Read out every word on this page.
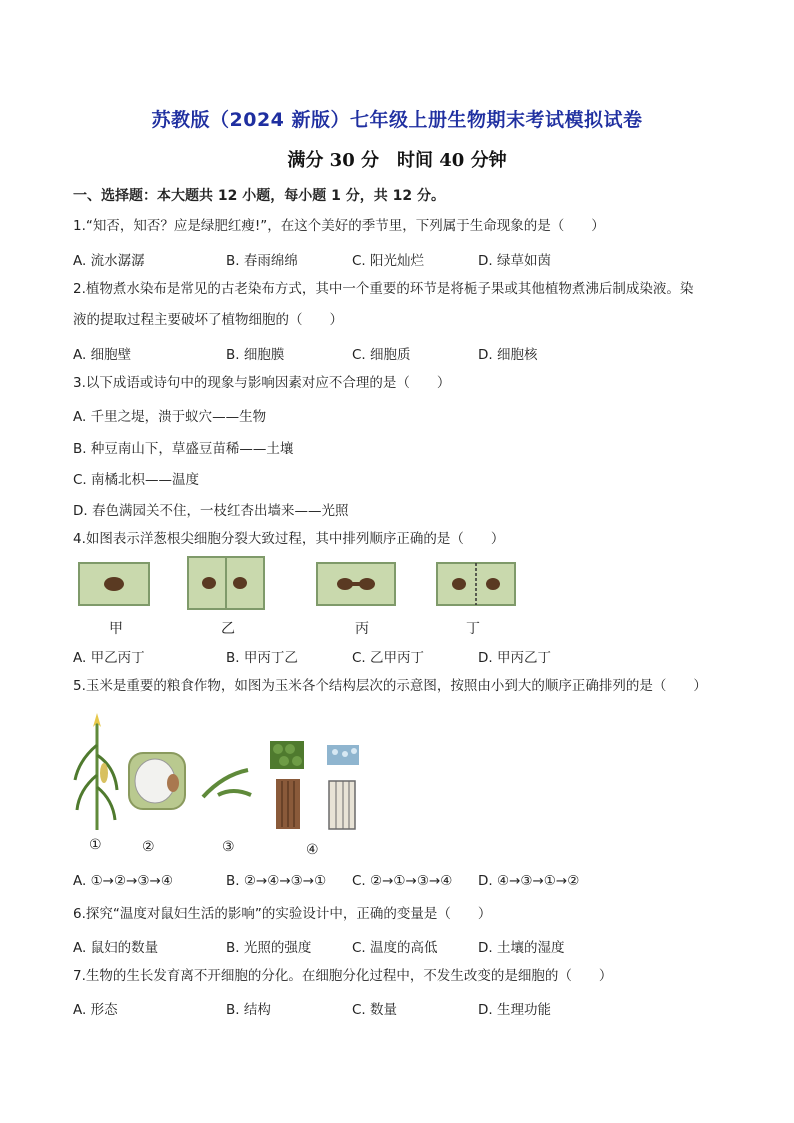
苏教版（2024 新版）七年级上册生物期末考试模拟试卷
满分 30 分　时间 40 分钟
一、选择题：本大题共 12 小题，每小题 1 分，共 12 分。
1.“知否，知否？应是绿肥红瘦!”，在这个美好的季节里，下列属于生命现象的是（　　）
A. 流水潺潺	B. 春雨绵绵	C. 阳光灿烂	D. 绿草如茵
2.植物煮水染布是常见的古老染布方式，其中一个重要的环节是将栀子果或其他植物煮沸后制成染液。染
液的提取过程主要破坏了植物细胞的（　　）
A. 细胞壁	B. 细胞膜	C. 细胞质	D. 细胞核
3.以下成语或诗句中的现象与影响因素对应不合理的是（　　）
A. 千里之堤，溃于蚁穴——生物
B. 种豆南山下，草盛豆苗稀——土壤
C. 南橘北枳——温度
D. 春色满园关不住，一枝红杏出墙来——光照
4.如图表示洋葱根尖细胞分裂大致过程，其中排列顺序正确的是（　　）
甲	乙	丙	丁
A. 甲乙丙丁	B. 甲丙丁乙	C. 乙甲丙丁	D. 甲丙乙丁
5.玉米是重要的粮食作物，如图为玉米各个结构层次的示意图，按照由小到大的顺序正确排列的是（　　）
①	②	③	④
A. ①→②→③→④	B. ②→④→③→① C. ②→①→③→④ D. ④→③→①→②
6.探究“温度对鼠妇生活的影响”的实验设计中，正确的变量是（　　）
A. 鼠妇的数量	B. 光照的强度	C. 温度的高低	D. 土壤的湿度
7.生物的生长发育离不开细胞的分化。在细胞分化过程中，不发生改变的是细胞的（　　）
A. 形态	B. 结构	C. 数量	D. 生理功能
